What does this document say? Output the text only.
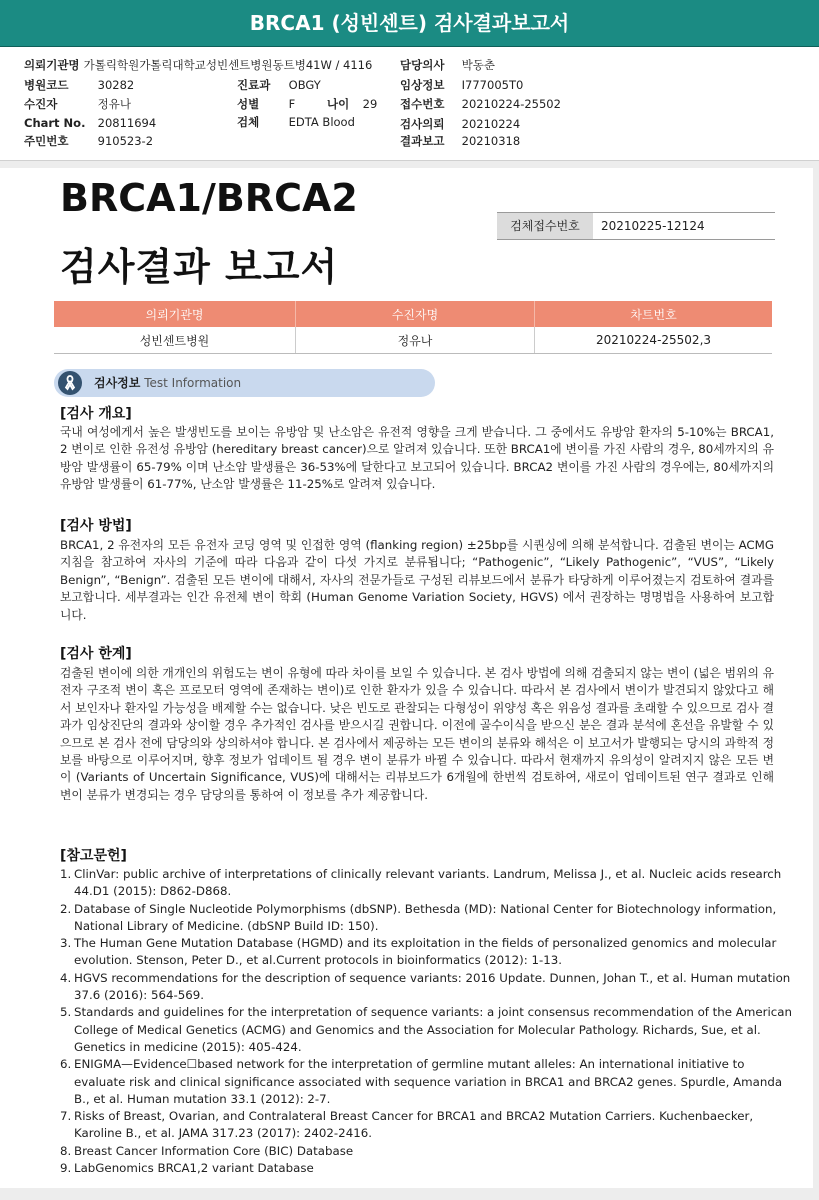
BRCA1 (성빈센트) 검사결과보고서
의뢰기관명 가톨릭학원가톨릭대학교성빈센트병원동트병41W / 4116 담당의사 박동춘
병원코드	30282	진료과 OBGY	임상정보 I777005T0
수진자	정유나	성별	F	나이 29 접수번호 20210224-25502
Chart No. 20811694	검체	EDTA Blood	검사의뢰 20210224
주민번호	910523-2	결과보고 20210318
BRCA1/BRCA2
검사결과 보고서
검체접수번호	20210225-12124
의뢰기관명	수진자명	차트번호
성빈센트병원	정유나	20210224-25502,3
검사정보 Test Information
[검사 개요]

국내 여성에게서 높은 발생빈도를 보이는 유방암 및 난소암은 유전적 영향을 크게 받습니다. 그 중에서도 유방암 환자의 5-10%는 BRCA1, 2 변이로 인한 유전성 유방암 (hereditary breast cancer)으로 알려져 있습니다. 또한 BRCA1에 변이를 가진 사람의 경우, 80세까지의 유방암 발생률이 65-79% 이며 난소암 발생률은 36-53%에 달한다고 보고되어 있습니다. BRCA2 변이를 가진 사람의 경우에는, 80세까지의 유방암 발생률이 61-77%, 난소암 발생률은 11-25%로 알려져 있습니다.

[검사 방법]

BRCA1, 2 유전자의 모든 유전자 코딩 영역 및 인접한 영역 (flanking region) ±25bp를 시퀀싱에 의해 분석합니다. 검출된 변이는 ACMG 지침을 참고하여 자사의 기준에 따라 다음과 같이 다섯 가지로 분류됩니다; “Pathogenic”, “Likely Pathogenic”, “VUS”, “Likely Benign”, “Benign”. 검출된 모든 변이에 대해서, 자사의 전문가들로 구성된 리뷰보드에서 분류가 타당하게 이루어졌는지 검토하여 결과를 보고합니다. 세부결과는 인간 유전체 변이 학회 (Human Genome Variation Society, HGVS) 에서 권장하는 명명법을 사용하여 보고합니다.

[검사 한계]

검출된 변이에 의한 개개인의 위험도는 변이 유형에 따라 차이를 보일 수 있습니다. 본 검사 방법에 의해 검출되지 않는 변이 (넓은 범위의 유전자 구조적 변이 혹은 프로모터 영역에 존재하는 변이)로 인한 환자가 있을 수 있습니다. 따라서 본 검사에서 변이가 발견되지 않았다고 해서 보인자나 환자일 가능성을 배제할 수는 없습니다. 낮은 빈도로 관찰되는 다형성이 위양성 혹은 위음성 결과를 초래할 수 있으므로 검사 결과가 임상진단의 결과와 상이할 경우 추가적인 검사를 받으시길 권합니다. 이전에 골수이식을 받으신 분은 결과 분석에 혼선을 유발할 수 있으므로 본 검사 전에 담당의와 상의하셔야 합니다. 본 검사에서 제공하는 모든 변이의 분류와 해석은 이 보고서가 발행되는 당시의 과학적 정보를 바탕으로 이루어지며, 향후 정보가 업데이트 될 경우 변이 분류가 바뀔 수 있습니다. 따라서 현재까지 유의성이 알려지지 않은 모든 변이 (Variants of Uncertain Significance, VUS)에 대해서는 리뷰보드가 6개월에 한번씩 검토하여, 새로이 업데이트된 연구 결과로 인해 변이 분류가 변경되는 경우 담당의를 통하여 이 정보를 추가 제공합니다.

[참고문헌]
1. ClinVar: public archive of interpretations of clinically relevant variants. Landrum, Melissa J., et al. Nucleic acids research 44.D1 (2015): D862-D868.
2. Database of Single Nucleotide Polymorphisms (dbSNP). Bethesda (MD): National Center for Biotechnology information, National Library of Medicine. (dbSNP Build ID: 150).
3. The Human Gene Mutation Database (HGMD) and its exploitation in the fields of personalized genomics and molecular evolution. Stenson, Peter D., et al.Current protocols in bioinformatics (2012): 1-13.
4. HGVS recommendations for the description of sequence variants: 2016 Update. Dunnen, Johan T., et al. Human mutation 37.6 (2016): 564-569.
5. Standards and guidelines for the interpretation of sequence variants: a joint consensus recommendation of the American College of Medical Genetics (ACMG) and Genomics and the Association for Molecular Pathology. Richards, Sue, et al. Genetics in medicine (2015): 405-424.
6. ENIGMA—Evidence☐based network for the interpretation of germline mutant alleles: An international initiative to evaluate risk and clinical significance associated with sequence variation in BRCA1 and BRCA2 genes. Spurdle, Amanda B., et al. Human mutation 33.1 (2012): 2-7.
7. Risks of Breast, Ovarian, and Contralateral Breast Cancer for BRCA1 and BRCA2 Mutation Carriers. Kuchenbaecker, Karoline B., et al. JAMA 317.23 (2017): 2402-2416.
8. Breast Cancer Information Core (BIC) Database
9. LabGenomics BRCA1,2 variant Database
